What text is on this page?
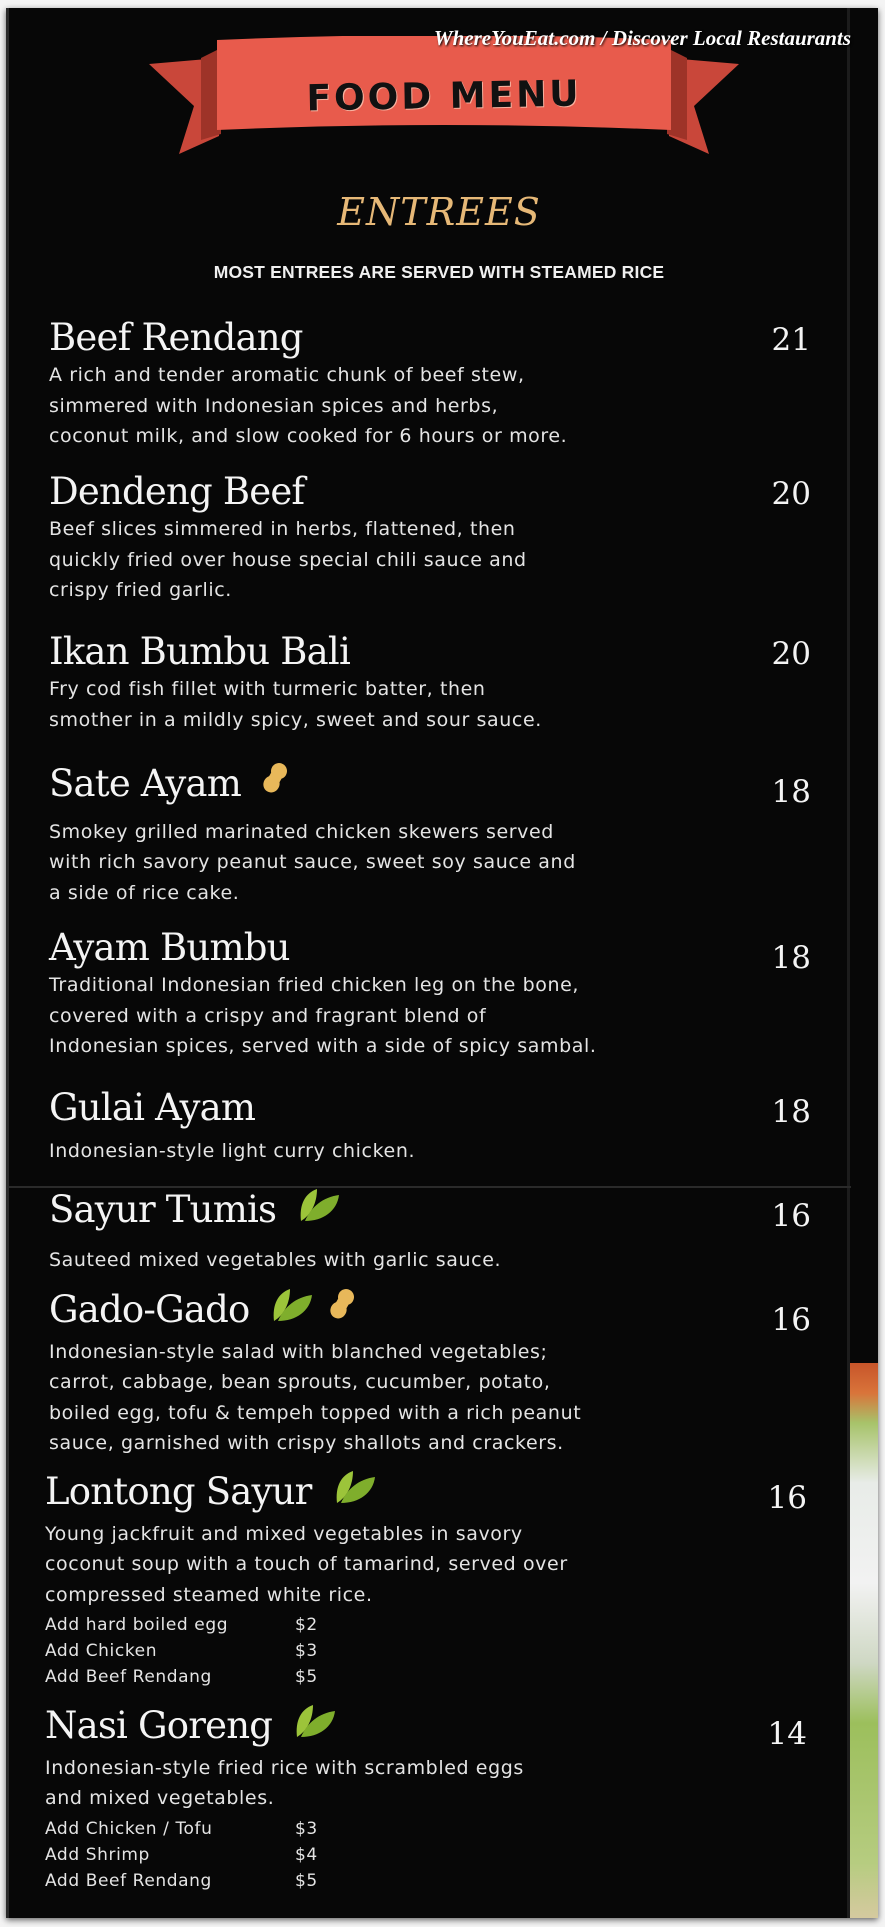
FOOD MENU
ENTREES
MOST ENTREES ARE SERVED WITH STEAMED RICE
Beef Rendang	21
A rich and tender aromatic chunk of beef stew,
simmered with Indonesian spices and herbs,
coconut milk, and slow cooked for 6 hours or more.
Dendeng Beef	20
Beef slices simmered in herbs, flattened, then
quickly fried over house special chili sauce and
crispy fried garlic.
Ikan Bumbu Bali	20
Fry cod fish fillet with turmeric batter, then
smother in a mildly spicy, sweet and sour sauce.
Sate Ayam	18
Smokey grilled marinated chicken skewers served
with rich savory peanut sauce, sweet soy sauce and
a side of rice cake.
Ayam Bumbu	18
Traditional Indonesian fried chicken leg on the bone,
covered with a crispy and fragrant blend of
Indonesian spices, served with a side of spicy sambal.
Gulai Ayam	18
Indonesian-style light curry chicken.
Sayur Tumis	16
Sauteed mixed vegetables with garlic sauce.
Gado-Gado	16
Indonesian-style salad with blanched vegetables;
carrot, cabbage, bean sprouts, cucumber, potato,
boiled egg, tofu & tempeh topped with a rich peanut
sauce, garnished with crispy shallots and crackers.
Lontong Sayur	16
Young jackfruit and mixed vegetables in savory
coconut soup with a touch of tamarind, served over
compressed steamed white rice.
Add hard boiled egg	$2
Add Chicken	$3
Add Beef Rendang	$5
Nasi Goreng	14
Indonesian-style fried rice with scrambled eggs
and mixed vegetables.
Add Chicken / Tofu	$3
Add Shrimp	$4
Add Beef Rendang	$5
WhereYouEat.com / Discover Local Restaurants
